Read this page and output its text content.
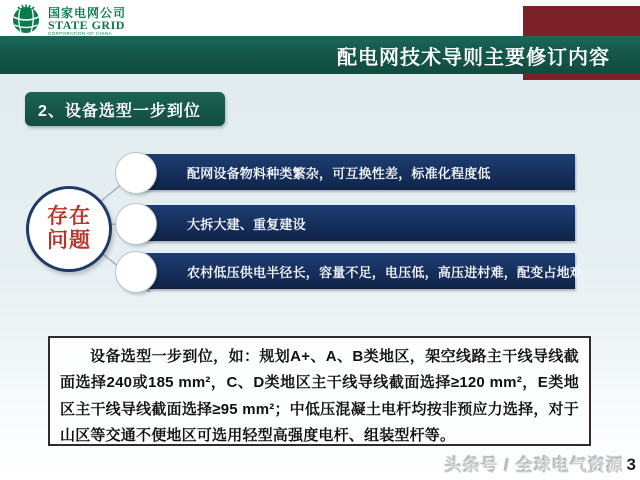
配电网技术导则主要修订内容
国家电网公司
STATE GRID
CORPORATION OF CHINA
2、设备选型一步到位
配网设备物料种类繁杂，可互换性差，标准化程度低
大拆大建、重复建设
农村低压供电半径长，容量不足，电压低，高压进村难，配变占地难。
存在
问题

设备选型一步到位，如：规划A+、A、B类地区，架空线路主干线导线截面选择240或185 mm²，C、D类地区主干线导线截面选择≥120 mm²，E类地区主干线导线截面选择≥95 mm²；中低压混凝土电杆均按非预应力选择，对于山区等交通不便地区可选用轻型高强度电杆、组装型杆等。

头条号 / 全球电气资源 3
